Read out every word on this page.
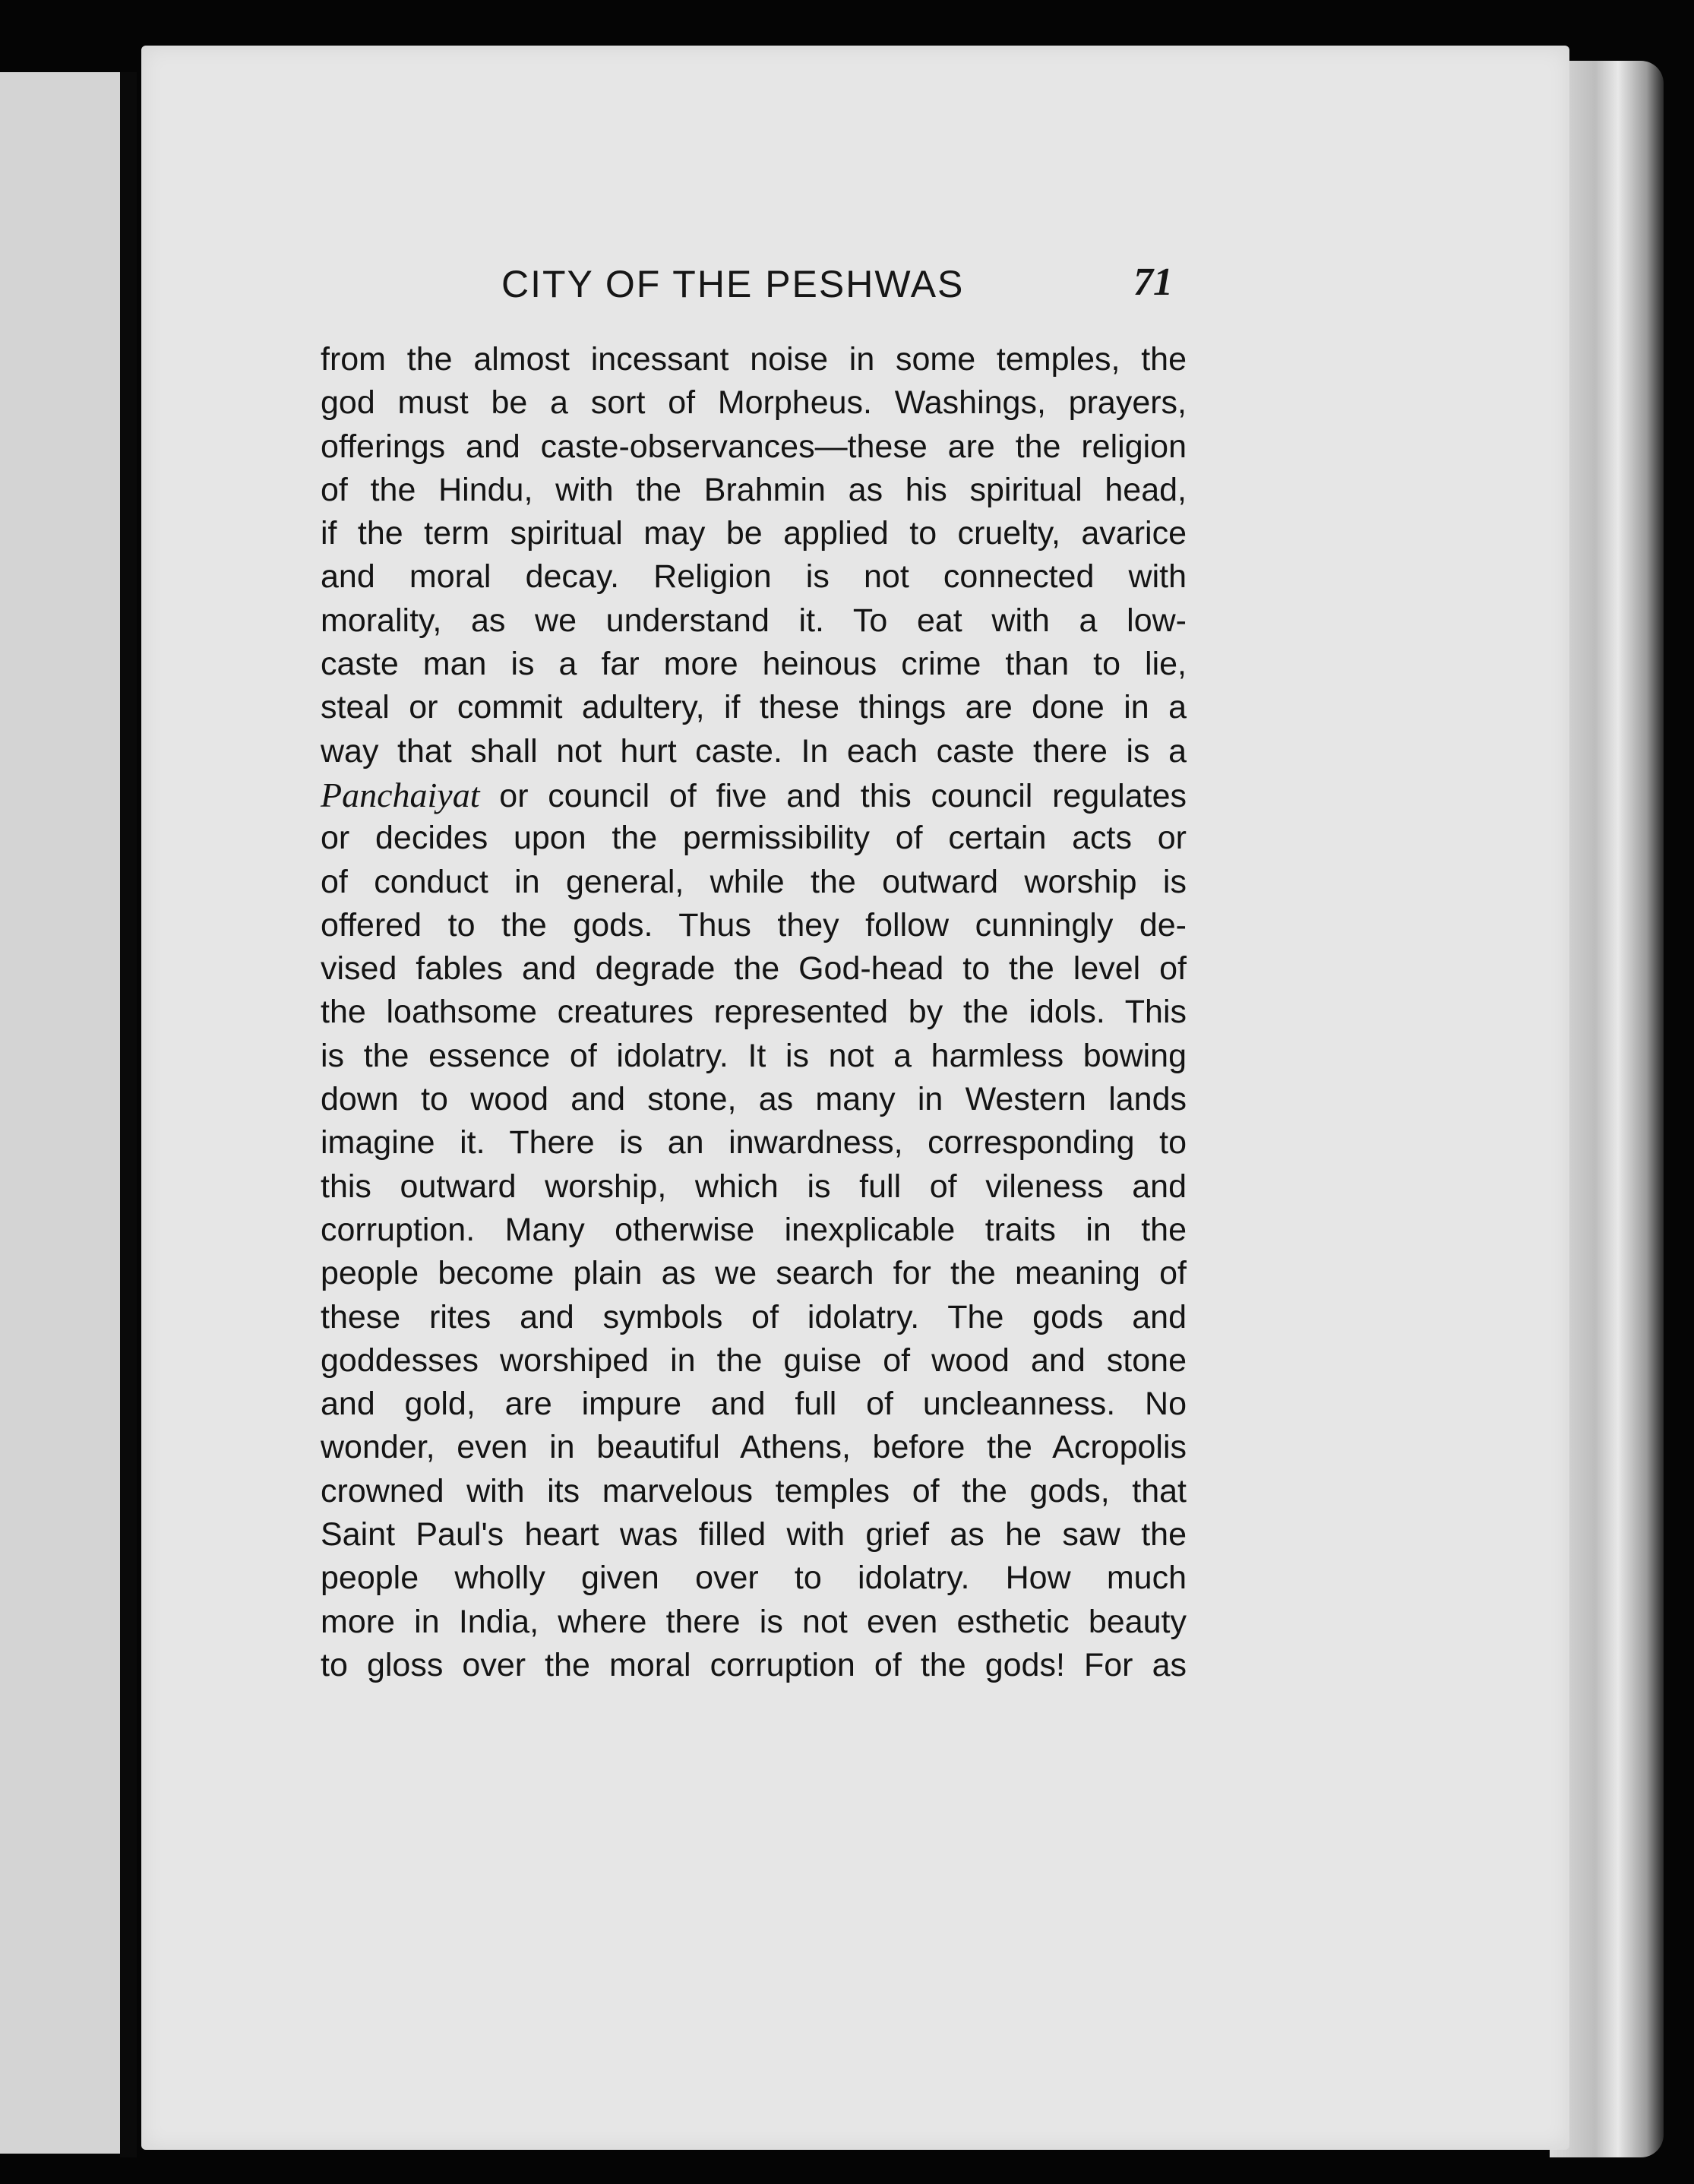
CITY OF THE PESHWAS	71
from the almost incessant noise in some temples, the
god must be a sort of Morpheus. Washings, prayers,
offerings and caste-observances—these are the religion
of the Hindu, with the Brahmin as his spiritual head,
if the term spiritual may be applied to cruelty, avarice
and moral decay. Religion is not connected with
morality, as we understand it. To eat with a low-
caste man is a far more heinous crime than to lie,
steal or commit adultery, if these things are done in a
way that shall not hurt caste. In each caste there is a
Panchaiyat or council of five and this council regulates
or decides upon the permissibility of certain acts or
of conduct in general, while the outward worship is
offered to the gods. Thus they follow cunningly de-
vised fables and degrade the God-head to the level of
the loathsome creatures represented by the idols. This
is the essence of idolatry. It is not a harmless bowing
down to wood and stone, as many in Western lands
imagine it. There is an inwardness, corresponding to
this outward worship, which is full of vileness and
corruption. Many otherwise inexplicable traits in the
people become plain as we search for the meaning of
these rites and symbols of idolatry. The gods and
goddesses worshiped in the guise of wood and stone
and gold, are impure and full of uncleanness. No
wonder, even in beautiful Athens, before the Acropolis
crowned with its marvelous temples of the gods, that
Saint Paul's heart was filled with grief as he saw the
people wholly given over to idolatry. How much
more in India, where there is not even esthetic beauty
to gloss over the moral corruption of the gods! For as
